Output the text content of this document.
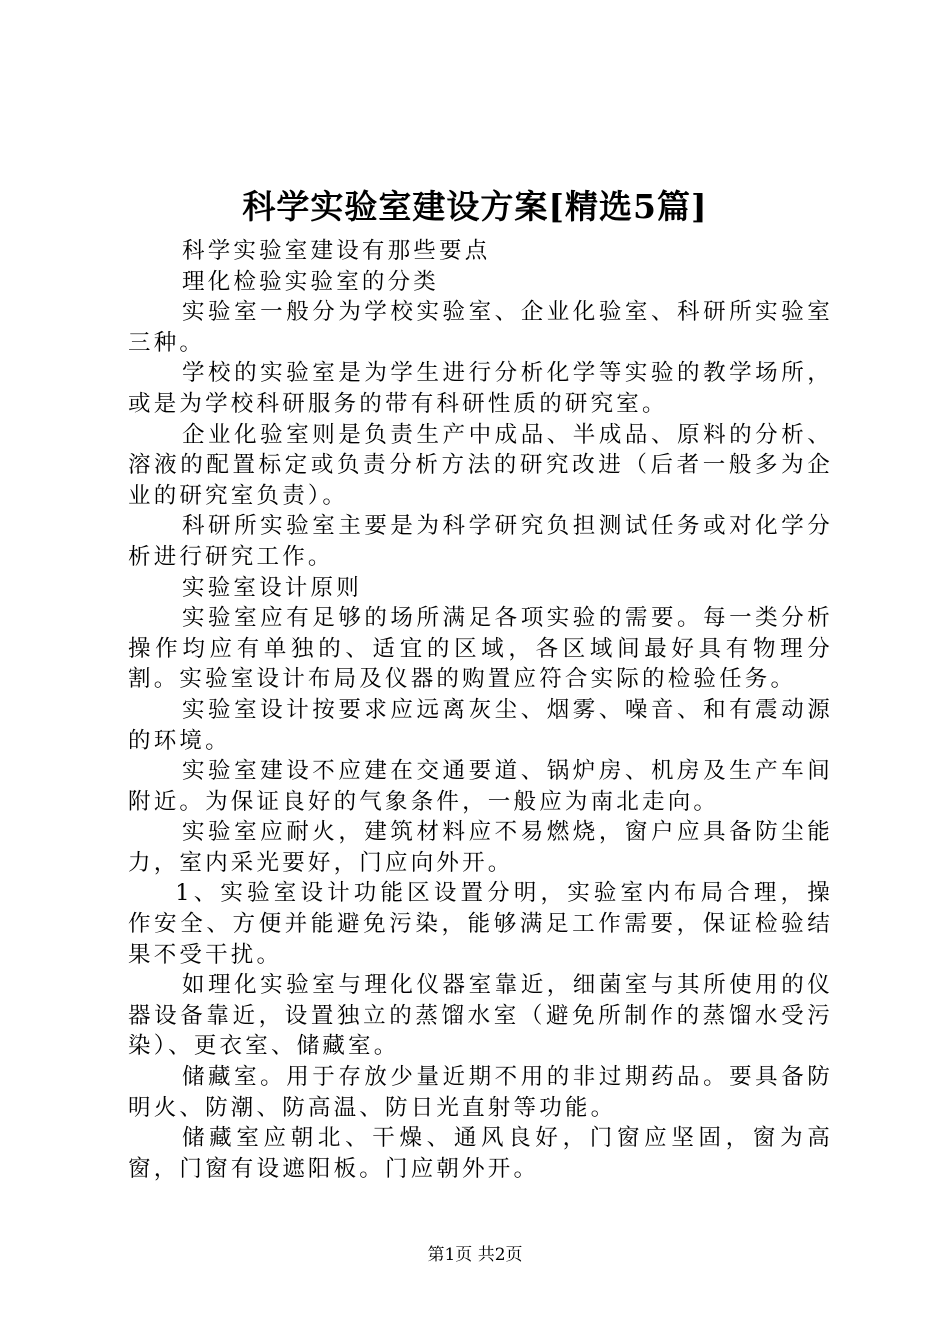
科学实验室建设方案[精选5篇]

科学实验室建设有那些要点

理化检验实验室的分类

实验室一般分为学校实验室、企业化验室、科研所实验室三种。

学校的实验室是为学生进行分析化学等实验的教学场所，或是为学校科研服务的带有科研性质的研究室。

企业化验室则是负责生产中成品、半成品、原料的分析、溶液的配置标定或负责分析方法的研究改进（后者一般多为企业的研究室负责）。

科研所实验室主要是为科学研究负担测试任务或对化学分析进行研究工作。

实验室设计原则

实验室应有足够的场所满足各项实验的需要。每一类分析操作均应有单独的、适宜的区域，各区域间最好具有物理分割。实验室设计布局及仪器的购置应符合实际的检验任务。

实验室设计按要求应远离灰尘、烟雾、噪音、和有震动源的环境。

实验室建设不应建在交通要道、锅炉房、机房及生产车间附近。为保证良好的气象条件，一般应为南北走向。

实验室应耐火，建筑材料应不易燃烧，窗户应具备防尘能力，室内采光要好，门应向外开。

1、实验室设计功能区设置分明，实验室内布局合理，操作安全、方便并能避免污染，能够满足工作需要，保证检验结果不受干扰。

如理化实验室与理化仪器室靠近，细菌室与其所使用的仪器设备靠近，设置独立的蒸馏水室（避免所制作的蒸馏水受污染）、更衣室、储藏室。

储藏室。用于存放少量近期不用的非过期药品。要具备防明火、防潮、防高温、防日光直射等功能。

储藏室应朝北、干燥、通风良好，门窗应坚固，窗为高窗，门窗有设遮阳板。门应朝外开。

第1页 共2页
